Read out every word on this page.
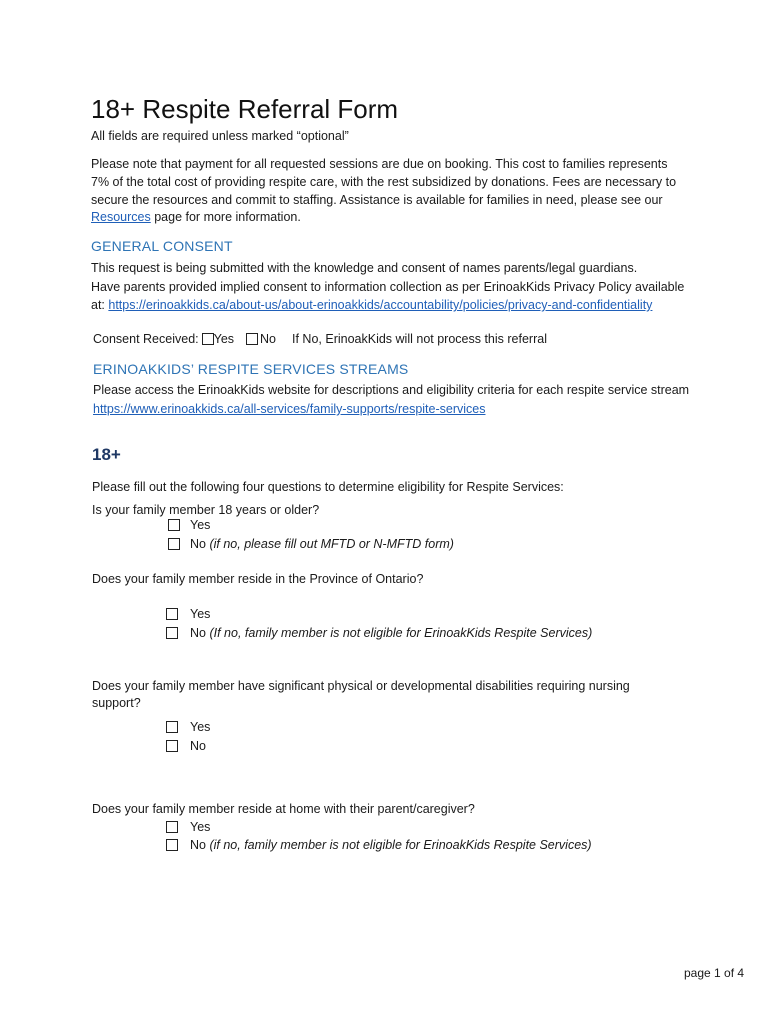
18+ Respite Referral Form
All fields are required unless marked “optional”
Please note that payment for all requested sessions are due on booking. This cost to families represents
7% of the total cost of providing respite care, with the rest subsidized by donations. Fees are necessary to
secure the resources and commit to staffing. Assistance is available for families in need, please see our
Resources page for more information.
GENERAL CONSENT
This request is being submitted with the knowledge and consent of names parents/legal guardians.
Have parents provided implied consent to information collection as per ErinoakKids Privacy Policy available
at: https://erinoakkids.ca/about-us/about-erinoakkids/accountability/policies/privacy-and-confidentiality
Consent Received: Yes No If No, ErinoakKids will not process this referral
ERINOAKKIDS’ RESPITE SERVICES STREAMS
Please access the ErinoakKids website for descriptions and eligibility criteria for each respite service stream
https://www.erinoakkids.ca/all-services/family-supports/respite-services
18+
Please fill out the following four questions to determine eligibility for Respite Services:
Is your family member 18 years or older?
Yes
No (if no, please fill out MFTD or N-MFTD form)
Does your family member reside in the Province of Ontario?
Yes
No (If no, family member is not eligible for ErinoakKids Respite Services)
Does your family member have significant physical or developmental disabilities requiring nursing
support?
Yes
No
Does your family member reside at home with their parent/caregiver?
Yes
No (if no, family member is not eligible for ErinoakKids Respite Services)
page 1 of 4
